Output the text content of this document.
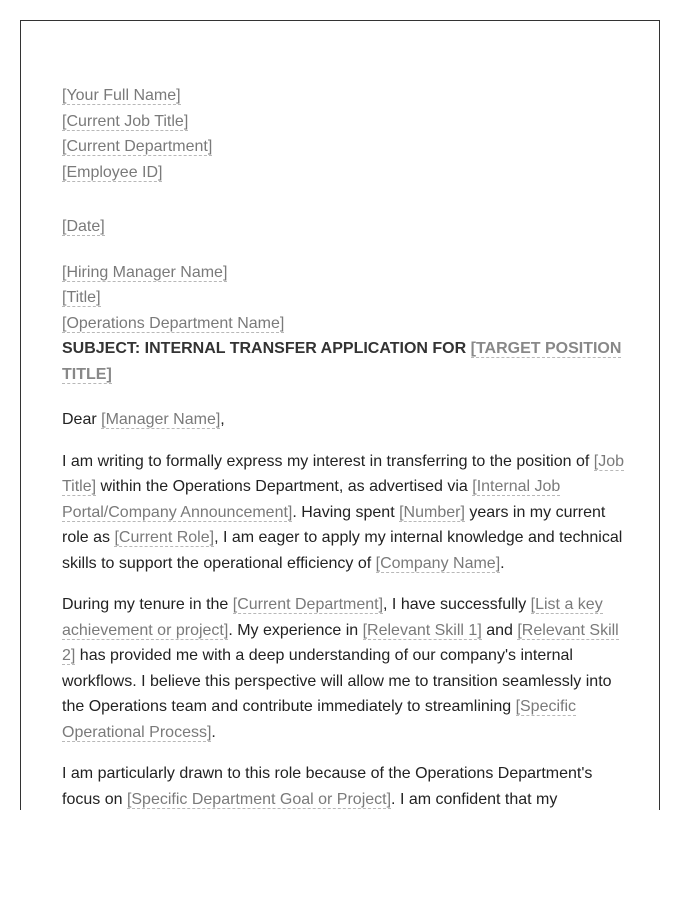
[Your Full Name]
[Current Job Title]
[Current Department]
[Employee ID]
[Date]
[Hiring Manager Name]
[Title]
[Operations Department Name]
SUBJECT: INTERNAL TRANSFER APPLICATION FOR [TARGET POSITION TITLE]
Dear [Manager Name],

I am writing to formally express my interest in transferring to the position of [Job Title] within the Operations Department, as advertised via [Internal Job Portal/Company Announcement]. Having spent [Number] years in my current role as [Current Role], I am eager to apply my internal knowledge and technical skills to support the operational efficiency of [Company Name].

During my tenure in the [Current Department], I have successfully [List a key achievement or project]. My experience in [Relevant Skill 1] and [Relevant Skill 2] has provided me with a deep understanding of our company's internal workflows. I believe this perspective will allow me to transition seamlessly into the Operations team and contribute immediately to streamlining [Specific Operational Process].

I am particularly drawn to this role because of the Operations Department's focus on [Specific Department Goal or Project]. I am confident that my
